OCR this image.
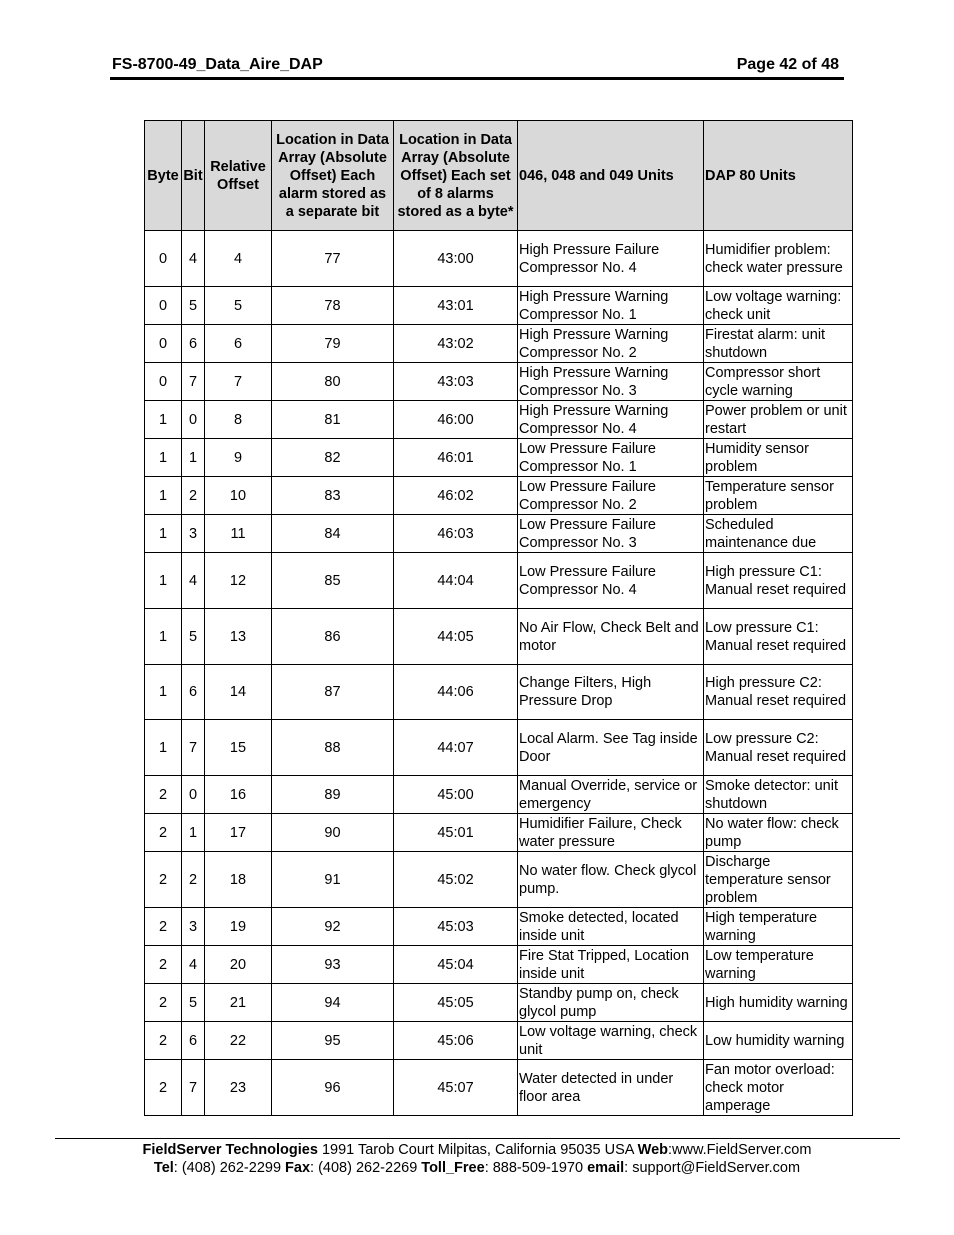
FS-8700-49_Data_Aire_DAP	Page 42 of 48
Byte	Bit	Relative Offset	Location in Data Array (Absolute Offset) Each alarm stored as a separate bit	Location in Data Array (Absolute Offset) Each set of 8 alarms stored as a byte*	046, 048 and 049 Units	DAP 80 Units
0	4	4	77	43:00	High Pressure Failure Compressor No. 4	Humidifier problem: check water pressure
0	5	5	78	43:01	High Pressure Warning Compressor No. 1	Low voltage warning: check unit
0	6	6	79	43:02	High Pressure Warning Compressor No. 2	Firestat alarm: unit shutdown
0	7	7	80	43:03	High Pressure Warning Compressor No. 3	Compressor short cycle warning
1	0	8	81	46:00	High Pressure Warning Compressor No. 4	Power problem or unit restart
1	1	9	82	46:01	Low Pressure Failure Compressor No. 1	Humidity sensor problem
1	2	10	83	46:02	Low Pressure Failure Compressor No. 2	Temperature sensor problem
1	3	11	84	46:03	Low Pressure Failure Compressor No. 3	Scheduled maintenance due
1	4	12	85	44:04	Low Pressure Failure Compressor No. 4	High pressure C1: Manual reset required
1	5	13	86	44:05	No Air Flow, Check Belt and motor	Low pressure C1: Manual reset required
1	6	14	87	44:06	Change Filters, High Pressure Drop	High pressure C2: Manual reset required
1	7	15	88	44:07	Local Alarm. See Tag inside Door	Low pressure C2: Manual reset required
2	0	16	89	45:00	Manual Override, service or emergency	Smoke detector: unit shutdown
2	1	17	90	45:01	Humidifier Failure, Check water pressure	No water flow: check pump
2	2	18	91	45:02	No water flow. Check glycol pump.	Discharge temperature sensor problem
2	3	19	92	45:03	Smoke detected, located inside unit	High temperature warning
2	4	20	93	45:04	Fire Stat Tripped, Location inside unit	Low temperature warning
2	5	21	94	45:05	Standby pump on, check glycol pump	High humidity warning
2	6	22	95	45:06	Low voltage warning, check unit	Low humidity warning
2	7	23	96	45:07	Water detected in under floor area	Fan motor overload: check motor amperage
FieldServer Technologies 1991 Tarob Court Milpitas, California 95035 USA Web:www.FieldServer.com
Tel: (408) 262-2299 Fax: (408) 262-2269 Toll_Free: 888-509-1970 email: support@FieldServer.com
